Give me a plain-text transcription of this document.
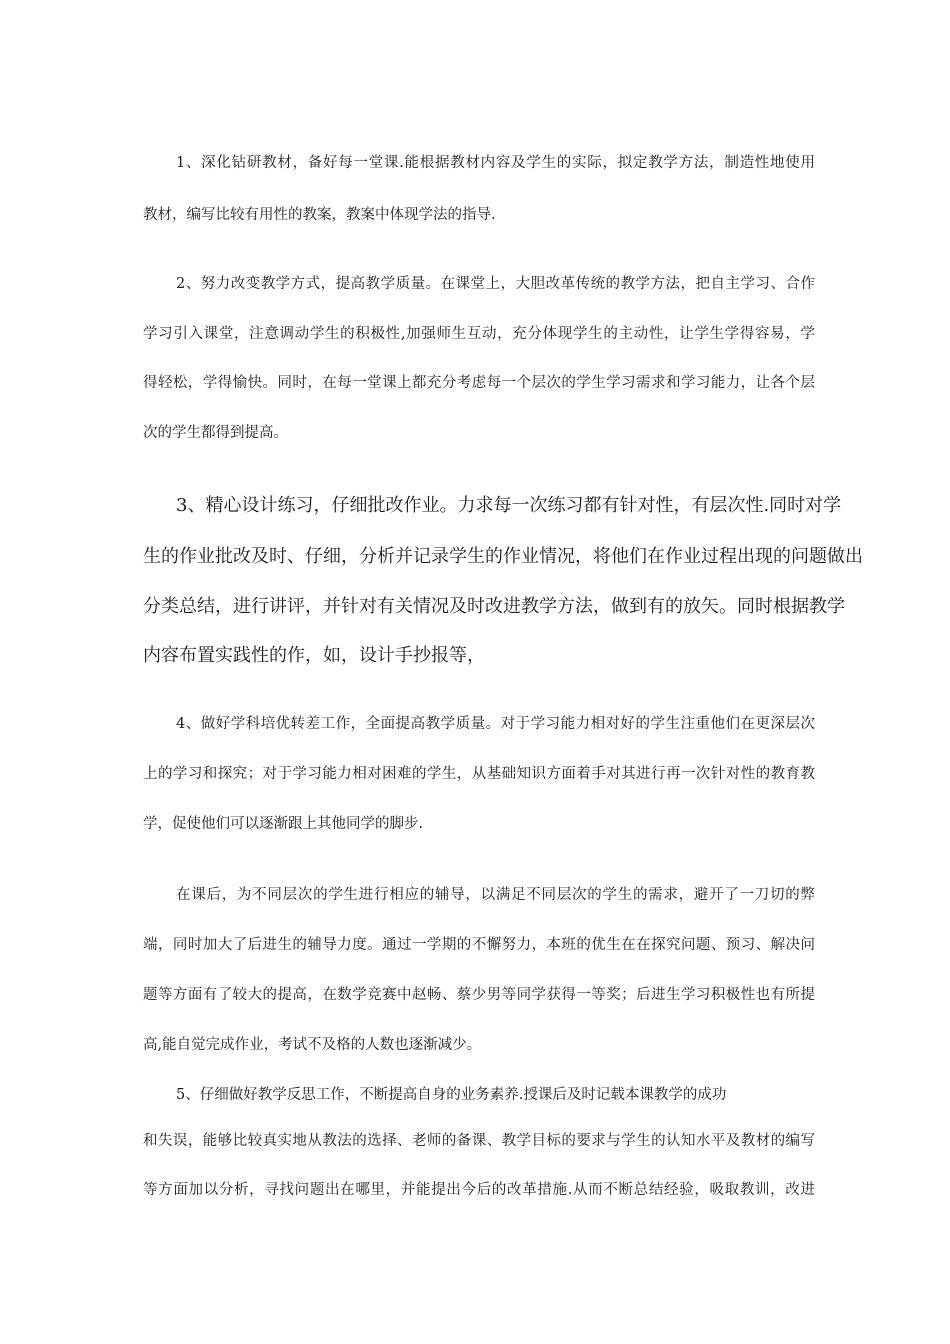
1、深化钻研教材，备好每一堂课.能根据教材内容及学生的实际，拟定教学方法，制造性地使用
教材，编写比较有用性的教案，教案中体现学法的指导.
2、努力改变教学方式，提高教学质量。在课堂上，大胆改革传统的教学方法，把自主学习、合作
学习引入课堂，注意调动学生的积极性,加强师生互动，充分体现学生的主动性，让学生学得容易，学
得轻松，学得愉快。同时，在每一堂课上都充分考虑每一个层次的学生学习需求和学习能力，让各个层
次的学生都得到提高。
3、精心设计练习，仔细批改作业。力求每一次练习都有针对性，有层次性.同时对学
生的作业批改及时、仔细，分析并记录学生的作业情况，将他们在作业过程出现的问题做出
分类总结，进行讲评，并针对有关情况及时改进教学方法，做到有的放矢。同时根据教学
内容布置实践性的作，如，设计手抄报等，
4、做好学科培优转差工作，全面提高教学质量。对于学习能力相对好的学生注重他们在更深层次
上的学习和探究；对于学习能力相对困难的学生，从基础知识方面着手对其进行再一次针对性的教育教
学，促使他们可以逐渐跟上其他同学的脚步.
在课后，为不同层次的学生进行相应的辅导，以满足不同层次的学生的需求，避开了一刀切的弊
端，同时加大了后进生的辅导力度。通过一学期的不懈努力，本班的优生在在探究问题、预习、解决问
题等方面有了较大的提高，在数学竞赛中赵畅、蔡少男等同学获得一等奖；后进生学习积极性也有所提
高,能自觉完成作业，考试不及格的人数也逐渐减少。
5、仔细做好教学反思工作，不断提高自身的业务素养.授课后及时记载本课教学的成功
和失误，能够比较真实地从教法的选择、老师的备课、教学目标的要求与学生的认知水平及教材的编写
等方面加以分析，寻找问题出在哪里，并能提出今后的改革措施.从而不断总结经验，吸取教训，改进
